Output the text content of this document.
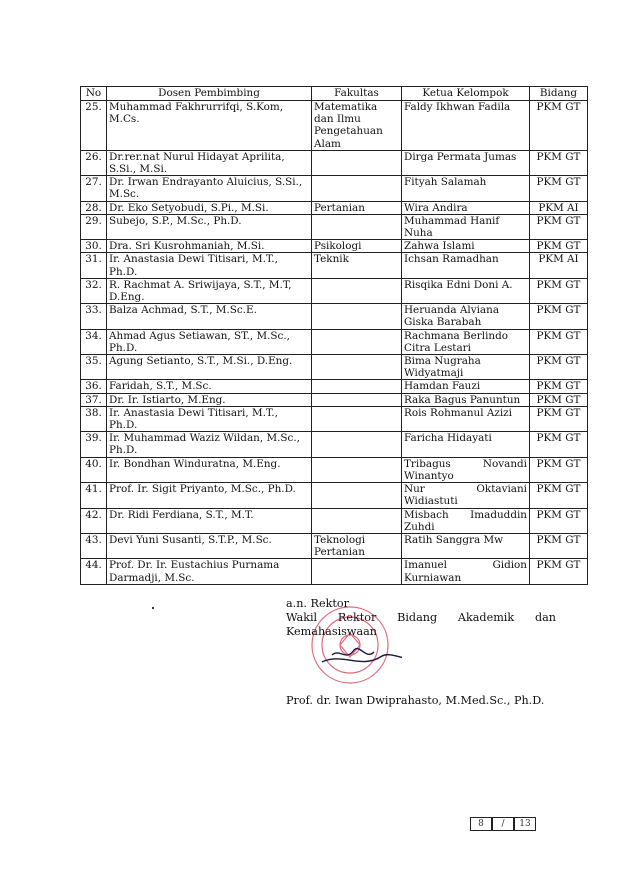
No	Dosen Pembimbing	Fakultas	Ketua Kelompok	Bidang
25.	Muhammad Fakhrurrifqi, S.Kom, M.Cs.	Matematika dan Ilmu Pengetahuan Alam	Faldy Ikhwan Fadila	PKM GT
26.	Dr.rer.nat Nurul Hidayat Aprilita, S.Si., M.Si.		Dirga Permata Jumas	PKM GT
27.	Dr. Irwan Endrayanto Aluicius, S.Si., M.Sc.		Fityah Salamah	PKM GT
28.	Dr. Eko Setyobudi, S.Pi., M.Si.	Pertanian	Wira Andira	PKM AI
29.	Subejo, S.P., M.Sc., Ph.D.		Muhammad Hanif Nuha	PKM GT
30.	Dra. Sri Kusrohmaniah, M.Si.	Psikologi	Zahwa Islami	PKM GT
31.	Ir. Anastasia Dewi Titisari, M.T., Ph.D.	Teknik	Ichsan Ramadhan	PKM AI
32.	R. Rachmat A. Sriwijaya, S.T., M.T, D.Eng.		Risqika Edni Doni A.	PKM GT
33.	Balza Achmad, S.T., M.Sc.E.		Heruanda Alviana Giska Barabah	PKM GT
34.	Ahmad Agus Setiawan, ST., M.Sc., Ph.D.		Rachmana Berlindo Citra Lestari	PKM GT
35.	Agung Setianto, S.T., M.Si., D.Eng.		Bima Nugraha Widyatmaji	PKM GT
36.	Faridah, S.T., M.Sc.		Hamdan Fauzi	PKM GT
37.	Dr. Ir. Istiarto, M.Eng.		Raka Bagus Panuntun	PKM GT
38.	Ir. Anastasia Dewi Titisari, M.T., Ph.D.		Rois Rohmanul Azizi	PKM GT
39.	Ir. Muhammad Waziz Wildan, M.Sc., Ph.D.		Faricha Hidayati	PKM GT
40.	Ir. Bondhan Winduratna, M.Eng.		Tribagus Novandi Winantyo	PKM GT
41.	Prof. Ir. Sigit Priyanto, M.Sc., Ph.D.		Nur Oktaviani Widiastuti	PKM GT
42.	Dr. Ridi Ferdiana, S.T., M.T.		Misbach Imaduddin Zuhdi	PKM GT
43.	Devi Yuni Susanti, S.T.P., M.Sc.	Teknologi Pertanian	Ratih Sanggra Mw	PKM GT
44.	Prof. Dr. Ir. Eustachius Purnama Darmadji, M.Sc.		Imanuel Gidion Kurniawan	PKM GT
a.n. Rektor
Wakil Rektor Bidang Akademik dan
Kemahasiswaan
Prof. dr. Iwan Dwiprahasto, M.Med.Sc., Ph.D.
8	/	13
